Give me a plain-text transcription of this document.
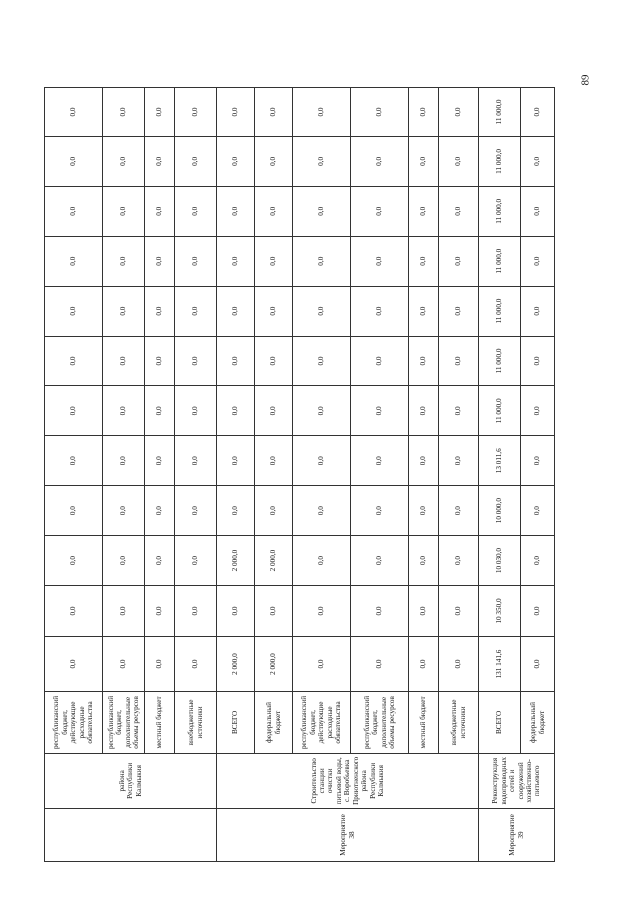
	района Республики Калмыкия	республиканский бюджет, действующие расходные обязательства	0,0	0,0	0,0	0,0	0,0	0,0	0,0	0,0	0,0	0,0	0,0	0,0
		республиканский бюджет, дополнительные объемы ресурсов	0,0	0,0	0,0	0,0	0,0	0,0	0,0	0,0	0,0	0,0	0,0	0,0
		местный бюджет	0,0	0,0	0,0	0,0	0,0	0,0	0,0	0,0	0,0	0,0	0,0	0,0
		внебюджетные источники	0,0	0,0	0,0	0,0	0,0	0,0	0,0	0,0	0,0	0,0	0,0	0,0
Мероприятие 38	Строительство станции очистки питьевой воды, с. Воробьевка Приютненского района Республики Калмыкия	ВСЕГО	2 000,0	0,0	2 000,0	0,0	0,0	0,0	0,0	0,0	0,0	0,0	0,0	0,0
		федеральный бюджет	2 000,0	0,0	2 000,0	0,0	0,0	0,0	0,0	0,0	0,0	0,0	0,0	0,0
		республиканский бюджет, действующие расходные обязательства	0,0	0,0	0,0	0,0	0,0	0,0	0,0	0,0	0,0	0,0	0,0	0,0
		республиканский бюджет, дополнительные объемы ресурсов	0,0	0,0	0,0	0,0	0,0	0,0	0,0	0,0	0,0	0,0	0,0	0,0
		местный бюджет	0,0	0,0	0,0	0,0	0,0	0,0	0,0	0,0	0,0	0,0	0,0	0,0
		внебюджетные источники	0,0	0,0	0,0	0,0	0,0	0,0	0,0	0,0	0,0	0,0	0,0	0,0
Мероприятие 39	Реконструкция водопроводных сетей и сооружений хозяйственно-питьевого	ВСЕГО	131 141,6	10 350,0	10 030,0	10 000,0	13 011,6	11 000,0	11 000,0	11 000,0	11 000,0	11 000,0	11 000,0	11 000,0
		федеральный бюджет	0,0	0,0	0,0	0,0	0,0	0,0	0,0	0,0	0,0	0,0	0,0	0,0
89
